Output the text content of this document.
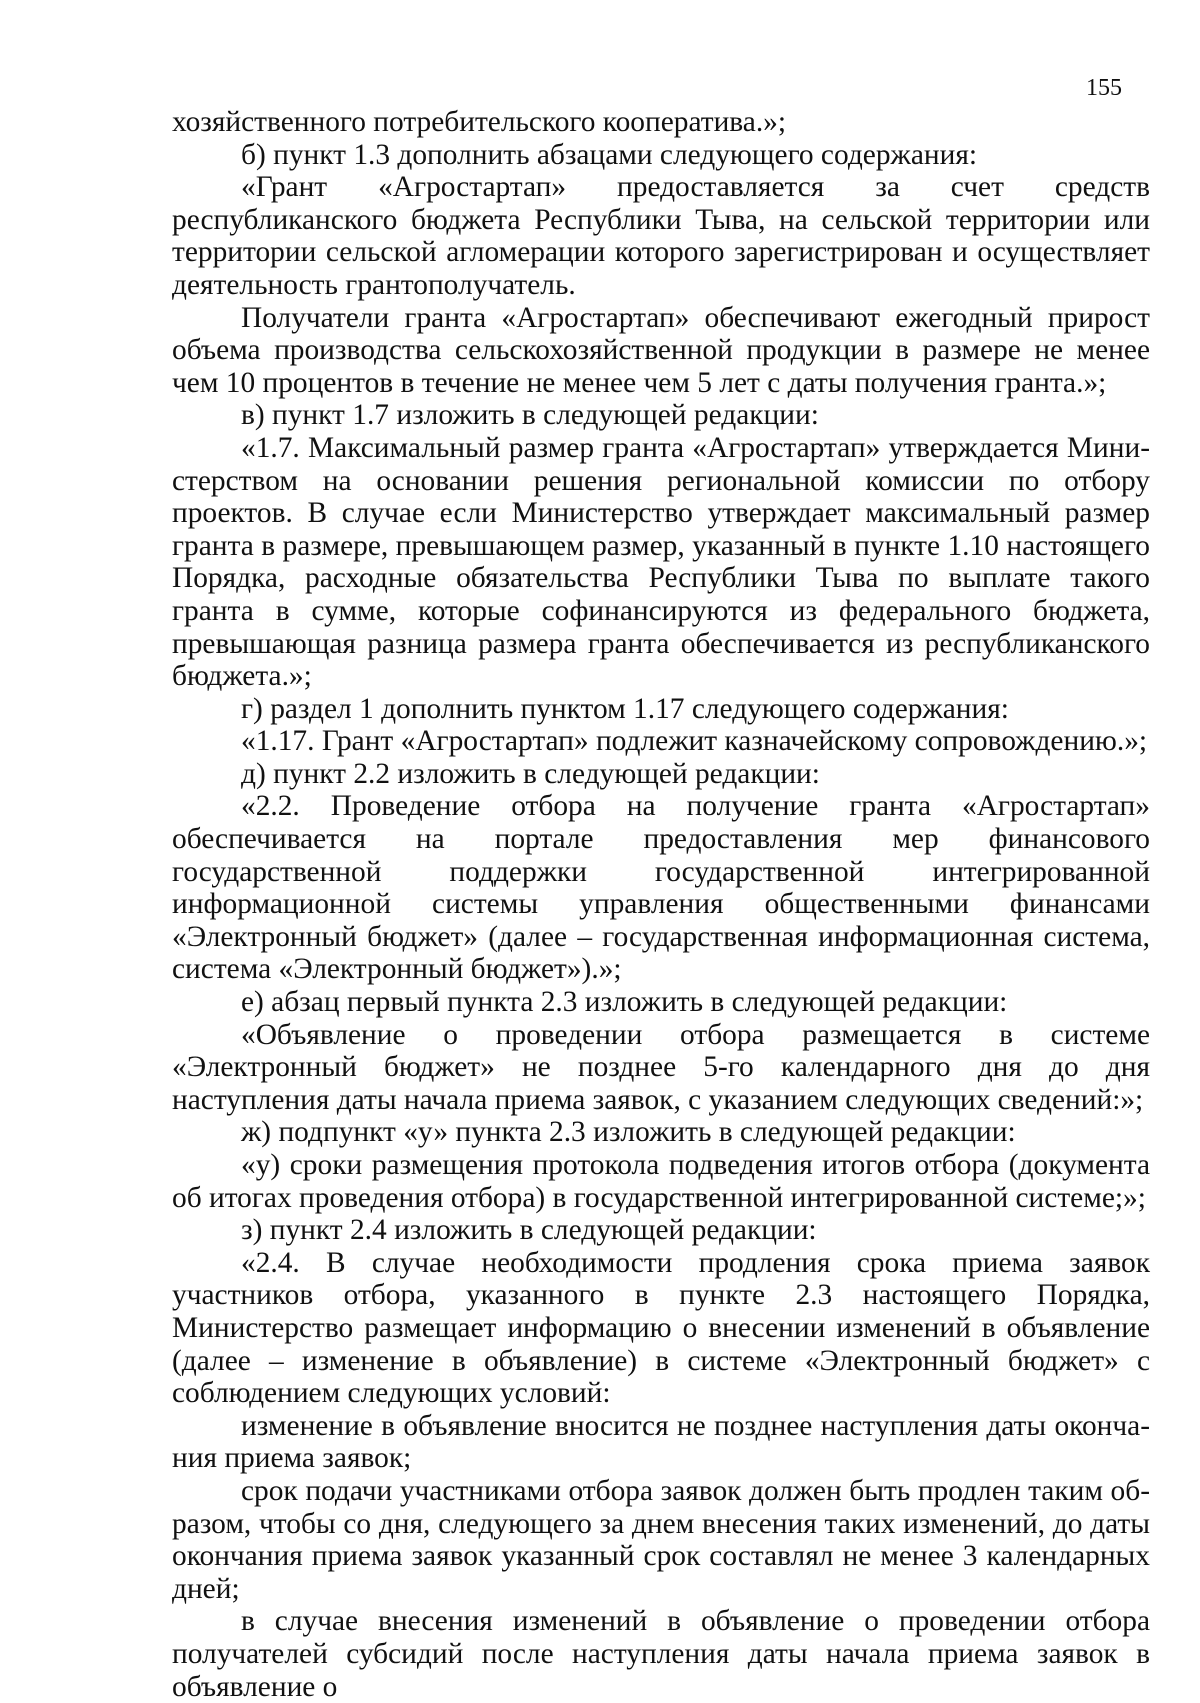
155

хозяйственного потребительского кооператива.»;

б) пункт 1.3 дополнить абзацами следующего содержания:

«Грант «Агростартап» предоставляется за счет средств республиканского бюджета Республики Тыва, на сельской территории или территории сельской агломерации которого зарегистрирован и осуществляет деятельность грантополучатель.

Получатели гранта «Агростартап» обеспечивают ежегодный прирост объема производства сельскохозяйственной продукции в размере не менее чем 10 процентов в течение не менее чем 5 лет с даты получения гранта.»;

в) пункт 1.7 изложить в следующей редакции:

«1.7. Максимальный размер гранта «Агростартап» утверждается Министерством на основании решения региональной комиссии по отбору проектов. В случае если Министерство утверждает максимальный размер гранта в размере, превышающем размер, указанный в пункте 1.10 настоящего Порядка, расходные обязательства Республики Тыва по выплате такого гранта в сумме, которые софинансируются из федерального бюджета, превышающая разница размера гранта обеспечивается из республиканского бюджета.»;

г) раздел 1 дополнить пунктом 1.17 следующего содержания:

«1.17. Грант «Агростартап» подлежит казначейскому сопровождению.»;

д) пункт 2.2 изложить в следующей редакции:

«2.2. Проведение отбора на получение гранта «Агростартап» обеспечивается на портале предоставления мер финансового государственной поддержки государственной интегрированной информационной системы управления общественными финансами «Электронный бюджет» (далее – государственная информационная система, система «Электронный бюджет»).»;

е) абзац первый пункта 2.3 изложить в следующей редакции:

«Объявление о проведении отбора размещается в системе «Электронный бюджет» не позднее 5-го календарного дня до дня наступления даты начала приема заявок, с указанием следующих сведений:»;

ж) подпункт «у» пункта 2.3 изложить в следующей редакции:

«у) сроки размещения протокола подведения итогов отбора (документа об итогах проведения отбора) в государственной интегрированной системе;»;

з) пункт 2.4 изложить в следующей редакции:

«2.4. В случае необходимости продления срока приема заявок участников отбора, указанного в пункте 2.3 настоящего Порядка, Министерство размещает информацию о внесении изменений в объявление (далее – изменение в объявление) в системе «Электронный бюджет» с соблюдением следующих условий:

изменение в объявление вносится не позднее наступления даты окончания приема заявок;

срок подачи участниками отбора заявок должен быть продлен таким образом, чтобы со дня, следующего за днем внесения таких изменений, до даты окончания приема заявок указанный срок составлял не менее 3 календарных дней;

в случае внесения изменений в объявление о проведении отбора получателей субсидий после наступления даты начала приема заявок в объявление о
